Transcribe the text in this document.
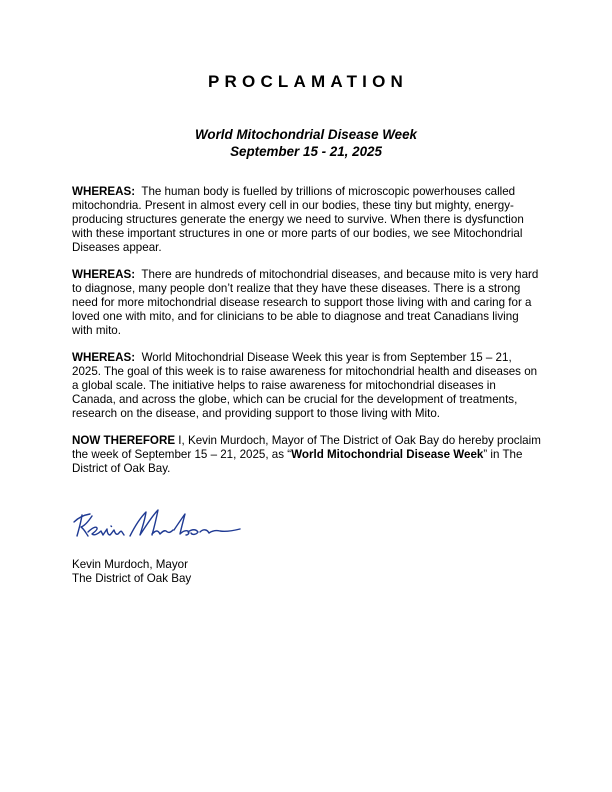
PROCLAMATION
World Mitochondrial Disease Week
September 15 - 21, 2025

WHEREAS: The human body is fuelled by trillions of microscopic powerhouses called mitochondria. Present in almost every cell in our bodies, these tiny but mighty, energy-producing structures generate the energy we need to survive. When there is dysfunction with these important structures in one or more parts of our bodies, we see Mitochondrial Diseases appear.

WHEREAS: There are hundreds of mitochondrial diseases, and because mito is very hard to diagnose, many people don’t realize that they have these diseases. There is a strong need for more mitochondrial disease research to support those living with and caring for a loved one with mito, and for clinicians to be able to diagnose and treat Canadians living with mito.

WHEREAS: World Mitochondrial Disease Week this year is from September 15 – 21, 2025. The goal of this week is to raise awareness for mitochondrial health and diseases on a global scale. The initiative helps to raise awareness for mitochondrial diseases in Canada, and across the globe, which can be crucial for the development of treatments, research on the disease, and providing support to those living with Mito.

NOW THEREFORE I, Kevin Murdoch, Mayor of The District of Oak Bay do hereby proclaim the week of September 15 – 21, 2025, as “World Mitochondrial Disease Week” in The District of Oak Bay.

Kevin Murdoch, Mayor
The District of Oak Bay
